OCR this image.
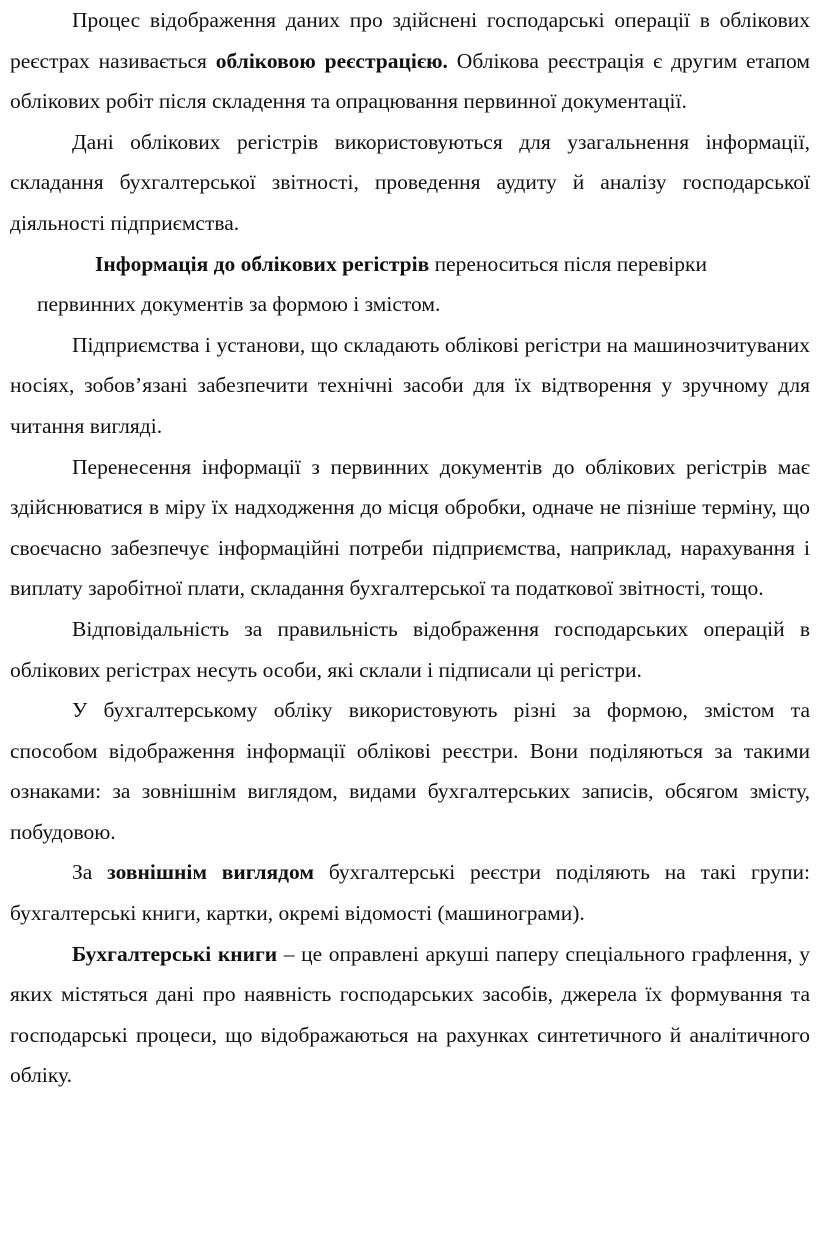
Процес відображення даних про здійснені господарські операції в облікових реєстрах називається обліковою реєстрацією. Облікова реєстрація є другим етапом облікових робіт після складення та опрацювання первинної документації.

Дані облікових регістрів використовуються для узагальнення інформації, складання бухгалтерської звітності, проведення аудиту й аналізу господарської діяльності підприємства.

Інформація до облікових регістрів переноситься після перевірки
первинних документів за формою і змістом.

Підприємства і установи, що складають облікові регістри на машинозчитуваних носіях, зобов’язані забезпечити технічні засоби для їх відтворення у зручному для читання вигляді.

Перенесення інформації з первинних документів до облікових регістрів має здійснюватися в міру їх надходження до місця обробки, одначе не пізніше терміну, що своєчасно забезпечує інформаційні потреби підприємства, наприклад, нарахування і виплату заробітної плати, складання бухгалтерської та податкової звітності, тощо.

Відповідальність за правильність відображення господарських операцій в облікових регістрах несуть особи, які склали і підписали ці регістри.

У бухгалтерському обліку використовують різні за формою, змістом та способом відображення інформації облікові реєстри. Вони поділяються за такими ознаками: за зовнішнім виглядом, видами бухгалтерських записів, обсягом змісту, побудовою.

За зовнішнім виглядом бухгалтерські реєстри поділяють на такі групи: бухгалтерські книги, картки, окремі відомості (машинограми).

Бухгалтерські книги – це оправлені аркуші паперу спеціального графлення, у яких містяться дані про наявність господарських засобів, джерела їх формування та господарські процеси, що відображаються на рахунках синтетичного й аналітичного обліку.
